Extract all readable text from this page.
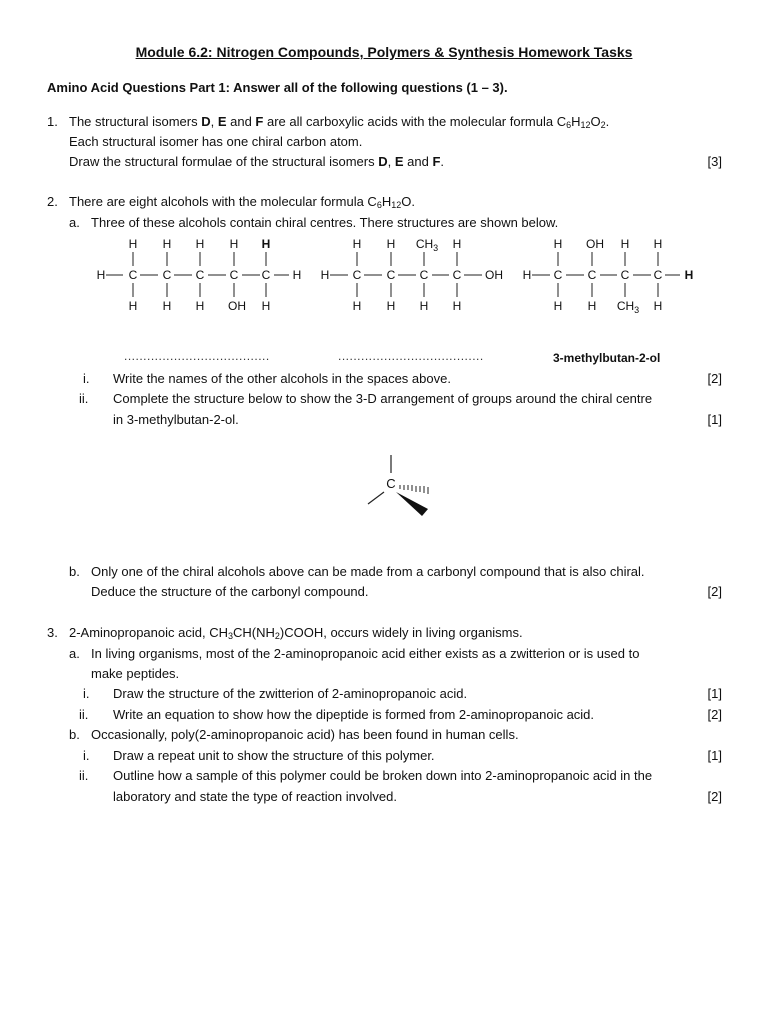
Module 6.2: Nitrogen Compounds, Polymers & Synthesis Homework Tasks
Amino Acid Questions Part 1: Answer all of the following questions (1 – 3).
1. The structural isomers D, E and F are all carboxylic acids with the molecular formula $C_6H_{12}O_2$.
Each structural isomer has one chiral carbon atom.
Draw the structural formulae of the structural isomers D, E and F.	[3]
2. There are eight alcohols with the molecular formula $C_6H_{12}O$.
a. Three of these alcohols contain chiral centres. There structures are shown below.
H C C C C C H
H H H H H
H H H OH H
H C C C C OH
H H $CH_3$ H
H H H H
H C C C C H
H OH H H
H H $CH_3$ H
C
......................................	......................................	3-methylbutan-2-ol
i. Write the names of the other alcohols in the spaces above.	[2]
ii. Complete the structure below to show the 3-D arrangement of groups around the chiral centre
in 3-methylbutan-2-ol.	[1]
b. Only one of the chiral alcohols above can be made from a carbonyl compound that is also chiral.
Deduce the structure of the carbonyl compound.	[2]
3. 2-Aminopropanoic acid, $CH_3CH(NH_2)COOH$, occurs widely in living organisms.
a. In living organisms, most of the 2-aminopropanoic acid either exists as a zwitterion or is used to
make peptides.
i. Draw the structure of the zwitterion of 2-aminopropanoic acid.	[1]
ii. Write an equation to show how the dipeptide is formed from 2-aminopropanoic acid.	[2]
b. Occasionally, poly(2-aminopropanoic acid) has been found in human cells.
i. Draw a repeat unit to show the structure of this polymer.	[1]
ii. Outline how a sample of this polymer could be broken down into 2-aminopropanoic acid in the
laboratory and state the type of reaction involved.	[2]
